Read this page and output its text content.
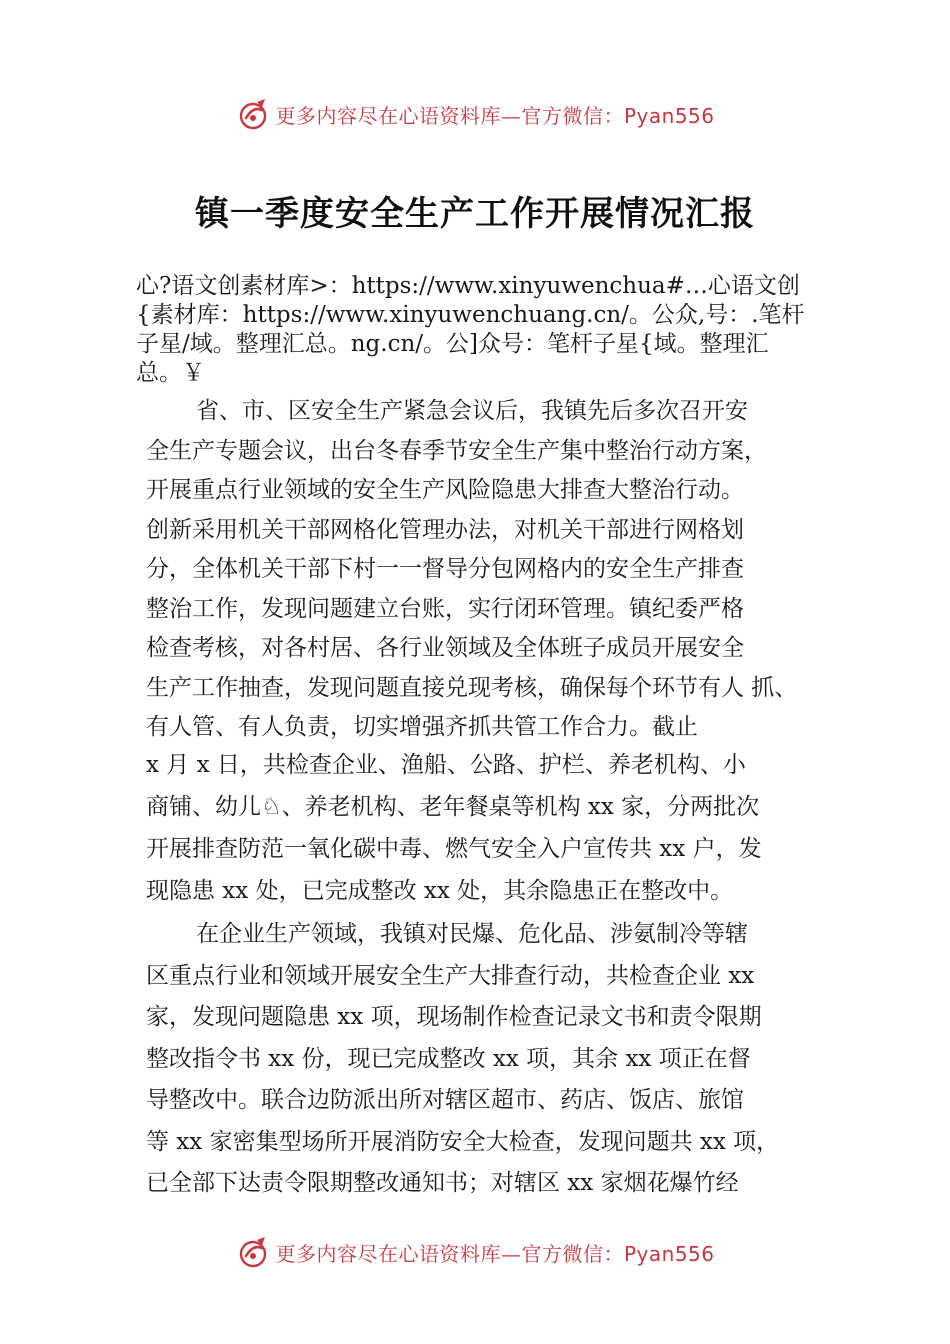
更多内容尽在心语资料库—官方微信：Pyan556
镇一季度安全生产工作开展情况汇报
心?语文创素材库>：https://www.xinyuwenchua#…心语文创
{素材库：https://www.xinyuwenchuang.cn/。公众,号：.笔杆
子星/域。整理汇总。ng.cn/。公]众号：笔杆子星{域。整理汇
总。￥
省、市、区安全生产紧急会议后，我镇先后多次召开安
全生产专题会议，出台冬春季节安全生产集中整治行动方案，
开展重点行业领域的安全生产风险隐患大排查大整治行动。
创新采用机关干部网格化管理办法，对机关干部进行网格划
分，全体机关干部下村一一督导分包网格内的安全生产排查
整治工作，发现问题建立台账，实行闭环管理。镇纪委严格
检查考核，对各村居、各行业领域及全体班子成员开展安全
生产工作抽查，发现问题直接兑现考核，确保每个环节有人 抓、
有人管、有人负责，切实增强齐抓共管工作合力。截止
x 月 x 日，共检查企业、渔船、公路、护栏、养老机构、小
商铺、幼儿♘、养老机构、老年餐桌等机构 xx 家，分两批次
开展排查防范一氧化碳中毒、燃气安全入户宣传共 xx 户，发
现隐患 xx 处，已完成整改 xx 处，其余隐患正在整改中。
在企业生产领域，我镇对民爆、危化品、涉氨制冷等辖
区重点行业和领域开展安全生产大排查行动，共检查企业 xx
家，发现问题隐患 xx 项，现场制作检查记录文书和责令限期
整改指令书 xx 份，现已完成整改 xx 项，其余 xx 项正在督
导整改中。联合边防派出所对辖区超市、药店、饭店、旅馆
等 xx 家密集型场所开展消防安全大检查，发现问题共 xx 项，
已全部下达责令限期整改通知书；对辖区 xx 家烟花爆竹经
更多内容尽在心语资料库—官方微信：Pyan556
